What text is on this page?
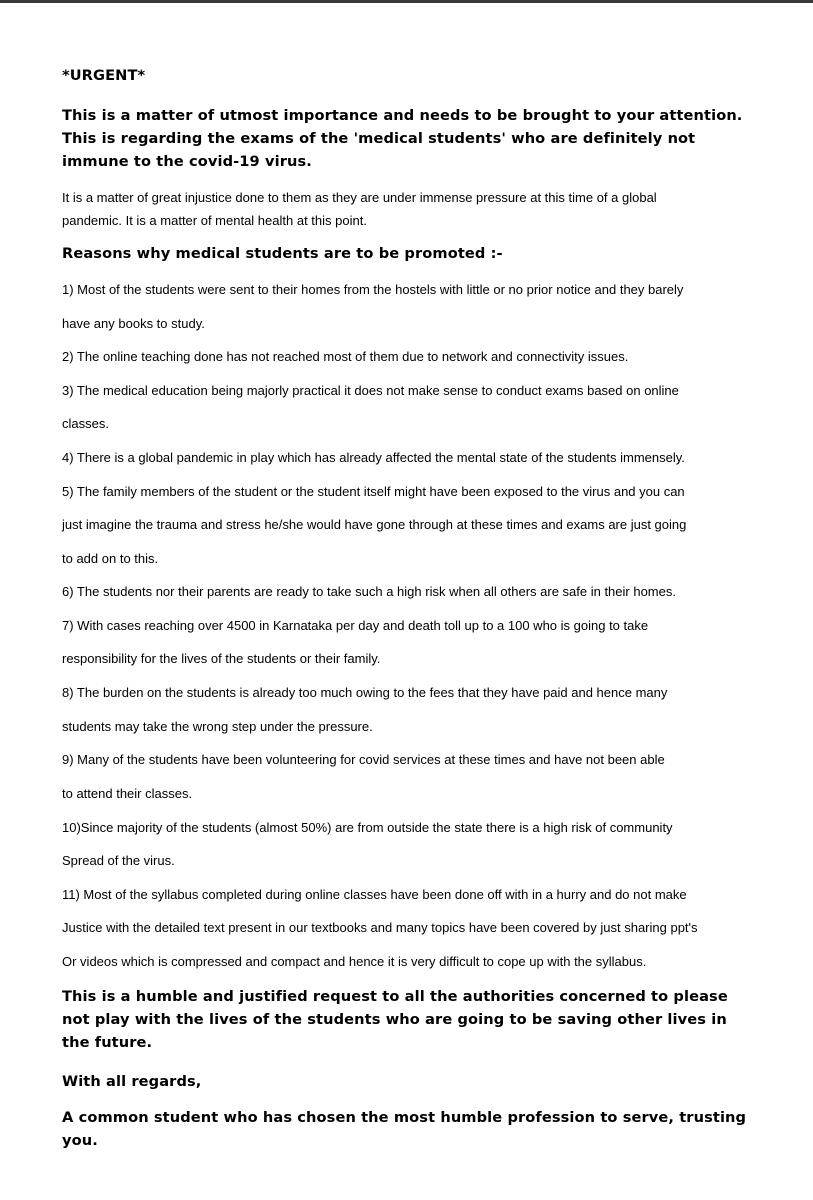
*URGENT*
This is a matter of utmost importance and needs to be brought to your attention.
This is regarding the exams of the 'medical students' who are definitely not
immune to the covid-19 virus.
It is a matter of great injustice done to them as they are under immense pressure at this time of a global
pandemic. It is a matter of mental health at this point.
Reasons why medical students are to be promoted :-
1) Most of the students were sent to their homes from the hostels with little or no prior notice and they barely
have any books to study.
2) The online teaching done has not reached most of them due to network and connectivity issues.
3) The medical education being majorly practical it does not make sense to conduct exams based on online
classes.
4) There is a global pandemic in play which has already affected the mental state of the students immensely.
5) The family members of the student or the student itself might have been exposed to the virus and you can
just imagine the trauma and stress he/she would have gone through at these times and exams are just going
to add on to this.
6) The students nor their parents are ready to take such a high risk when all others are safe in their homes.
7) With cases reaching over 4500 in Karnataka per day and death toll up to a 100 who is going to take
responsibility for the lives of the students or their family.
8) The burden on the students is already too much owing to the fees that they have paid and hence many
students may take the wrong step under the pressure.
9) Many of the students have been volunteering for covid services at these times and have not been able
to attend their classes.
10)Since majority of the students (almost 50%) are from outside the state there is a high risk of community
Spread of the virus.
11) Most of the syllabus completed during online classes have been done off with in a hurry and do not make
Justice with the detailed text present in our textbooks and many topics have been covered by just sharing ppt's
Or videos which is compressed and compact and hence it is very difficult to cope up with the syllabus.
This is a humble and justified request to all the authorities concerned to please
not play with the lives of the students who are going to be saving other lives in
the future.
With all regards,
A common student who has chosen the most humble profession to serve, trusting
you.
